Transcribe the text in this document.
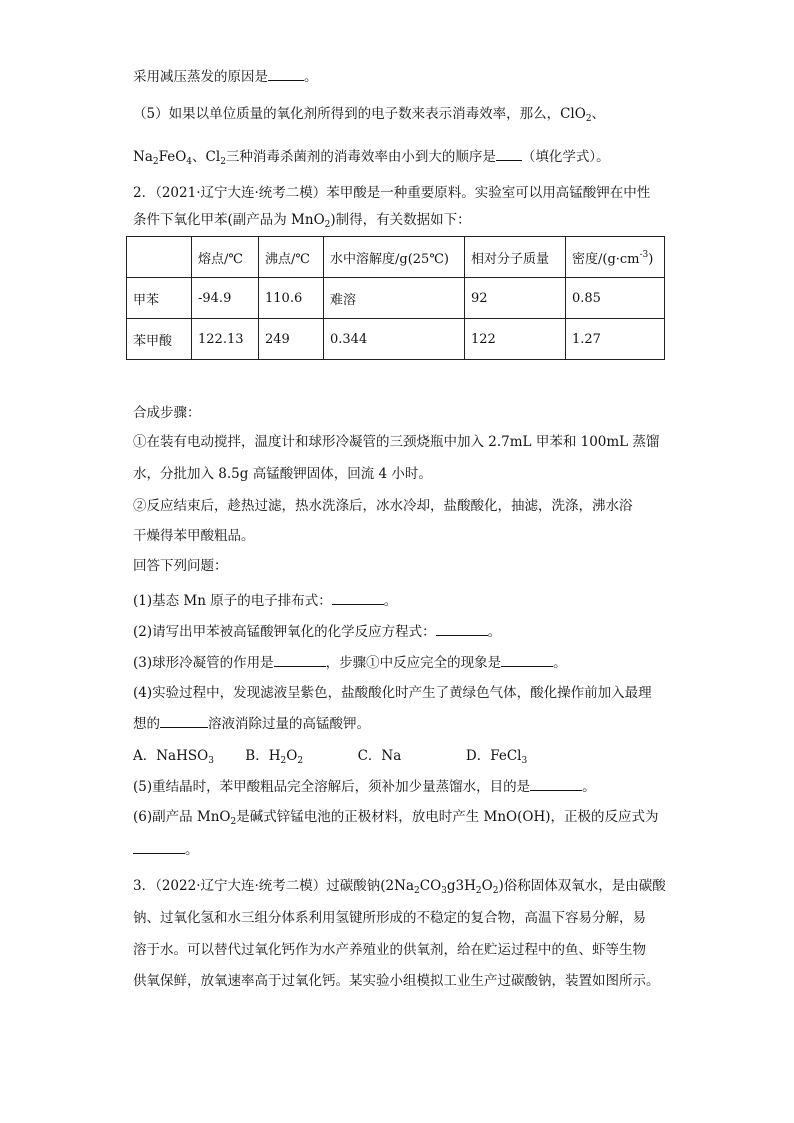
采用减压蒸发的原因是	。
（5）如果以单位质量的氧化剂所得到的电子数来表示消毒效率，那么，ClO$_2$、
$Na_2FeO_4$、$Cl_2$三种消毒杀菌剂的消毒效率由小到大的顺序是 （填化学式）。
2．（2021·辽宁大连·统考二模）苯甲酸是一种重要原料。实验室可以用高锰酸钾在中性
条件下氧化甲苯(副产品为 MnO$_2$)制得，有关数据如下：
	熔点/℃	沸点/℃	水中溶解度/g(25℃)	相对分子质量	密度$/(g\cdot cm^{-3})$
甲苯	-94.9	110.6	难溶	92	0.85
苯甲酸	122.13	249	0.344	122	1.27
合成步骤：
①在装有电动搅拌，温度计和球形冷凝管的三颈烧瓶中加入 2.7mL 甲苯和 100mL 蒸馏
水，分批加入 8.5g 高锰酸钾固体，回流 4 小时。
②反应结束后，趁热过滤，热水洗涤后，冰水冷却，盐酸酸化，抽滤，洗涤，沸水浴
干燥得苯甲酸粗品。
回答下列问题：
(1)基态 Mn 原子的电子排布式：	。
(2)请写出甲苯被高锰酸钾氧化的化学反应方程式：	。
(3)球形冷凝管的作用是	，步骤①中反应完全的现象是	。
(4)实验过程中，发现滤液呈紫色，盐酸酸化时产生了黄绿色气体，酸化操作前加入最理
想的	溶液消除过量的高锰酸钾。
A．NaHSO$_3$ B．$H_2O_2$	C．Na	D．FeCl$_3$
(5)重结晶时，苯甲酸粗品完全溶解后，须补加少量蒸馏水，目的是	。
(6)副产品 MnO$_2$是碱式锌锰电池的正极材料，放电时产生 MnO(OH)，正极的反应式为
。
3．（2022·辽宁大连·统考二模）过碳酸钠$(2Na_2CO_3g3H_2O_2)$俗称固体双氧水，是由碳酸
钠、过氧化氢和水三组分体系利用氢键所形成的不稳定的复合物，高温下容易分解，易
溶于水。可以替代过氧化钙作为水产养殖业的供氧剂，给在贮运过程中的鱼、虾等生物
供氧保鲜，放氧速率高于过氧化钙。某实验小组模拟工业生产过碳酸钠，装置如图所示。
